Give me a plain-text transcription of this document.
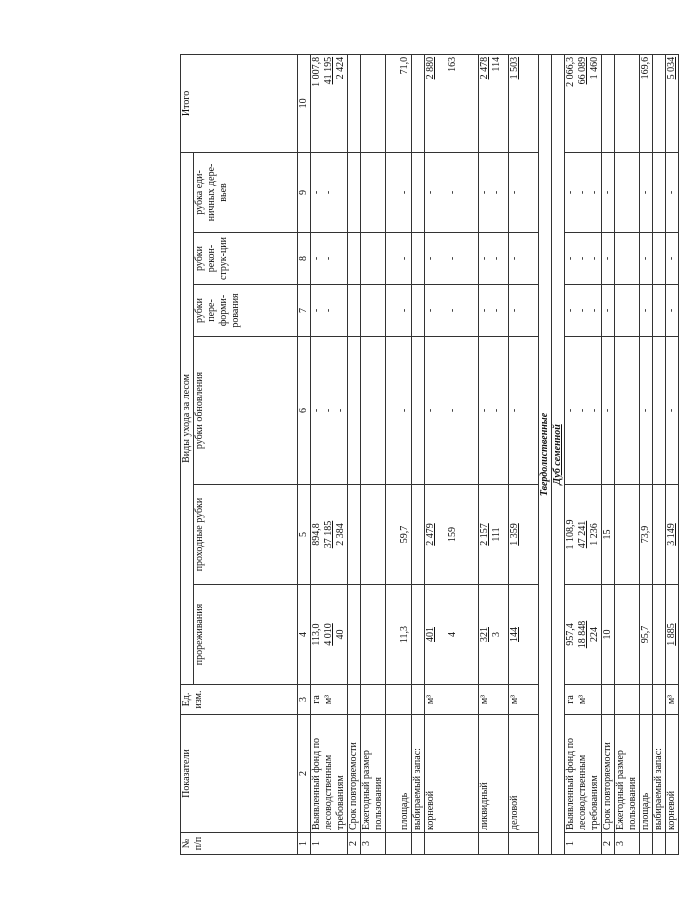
№ п/п	Показатели	Ед. изм.	Виды ухода за лесом						Итого
			прореживания	проходные рубки	рубки обновления	рубки пере-форми-рования	рубки рекон-струк-ции	рубка еди-ничных дере-вьев	
1	2	3	4	5	6	7	8	9	10
1	Выявленный фонд по лесоводственным требованиям	га м³	113,0 4 010 40	894,8 37 185 2 384	- - -	- -	- -	- -	1 007,8 41 195 2 424

2	Срок повторяемости								
3	Ежегодный размер пользования								
	площадь		11,3	59,7	-	-	-	-	71,0
	выбираемый запас:								
	корневой	м³	401 4	2 479 159	- -	- -	- -	- -	2 880 163

	ликвидный	м³	321 3	2 157 111	- -	- -	- -	- -	2 478 114

	деловой	м³	144	1 359	-	-	-	-	1 503
Твердолиственные									
Дуб семенной									
1	Выявленный фонд по лесоводственным требованиям	га м³	957,4 18 848 224	1 108,9 47 241 1 236	- - -	- - -	- - -	- - -	2 066,3 66 089 1 460

2	Срок повторяемости		10	15	-	-	-	-	
3	Ежегодный размер пользования								
	площадь		95,7	73,9	-	-	-	-	169,6
	выбираемый запас:								
	корневой	м³	1 885	3 149	-	-	-	-	5 034
